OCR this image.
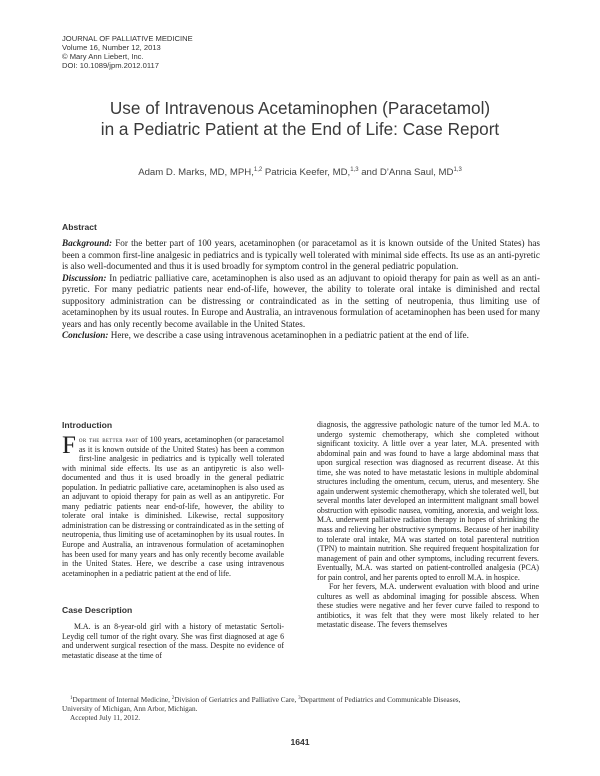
JOURNAL OF PALLIATIVE MEDICINE
Volume 16, Number 12, 2013
© Mary Ann Liebert, Inc.
DOI: 10.1089/jpm.2012.0117
Use of Intravenous Acetaminophen (Paracetamol)
in a Pediatric Patient at the End of Life: Case Report
Adam D. Marks, MD, MPH,$^{1,2}$ Patricia Keefer, MD,$^{1,3}$ and D’Anna Saul, MD$^{1,3}$
Abstract

Background: For the better part of 100 years, acetaminophen (or paracetamol as it is known outside of the United States) has been a common first-line analgesic in pediatrics and is typically well tolerated with minimal side effects. Its use as an anti-pyretic is also well-documented and thus it is used broadly for symptom control in the general pediatric population.

Discussion: In pediatric palliative care, acetaminophen is also used as an adjuvant to opioid therapy for pain as well as an anti-pyretic. For many pediatric patients near end-of-life, however, the ability to tolerate oral intake is diminished and rectal suppository administration can be distressing or contraindicated as in the setting of neutropenia, thus limiting use of acetaminophen by its usual routes. In Europe and Australia, an intravenous formulation of acetaminophen has been used for many years and has only recently become available in the United States.

Conclusion: Here, we describe a case using intravenous acetaminophen in a pediatric patient at the end of life.

Introduction

For the better part of 100 years, acetaminophen (or paracetamol as it is known outside of the United States) has been a common first-line analgesic in pediatrics and is typically well tolerated with minimal side effects. Its use as an antipyretic is also well-documented and thus it is used broadly in the general pediatric population. In pediatric palliative care, acetaminophen is also used as an adjuvant to opioid therapy for pain as well as an antipyretic. For many pediatric patients near end-of-life, however, the ability to tolerate oral intake is diminished. Likewise, rectal suppository administration can be distressing or contraindicated as in the setting of neutropenia, thus limiting use of acetaminophen by its usual routes. In Europe and Australia, an intravenous formulation of acetaminophen has been used for many years and has only recently become available in the United States. Here, we describe a case using intravenous acetaminophen in a pediatric patient at the end of life.

Case Description

M.A. is an 8-year-old girl with a history of metastatic Sertoli-Leydig cell tumor of the right ovary. She was first diagnosed at age 6 and underwent surgical resection of the mass. Despite no evidence of metastatic disease at the time of

diagnosis, the aggressive pathologic nature of the tumor led M.A. to undergo systemic chemotherapy, which she completed without significant toxicity. A little over a year later, M.A. presented with abdominal pain and was found to have a large abdominal mass that upon surgical resection was diagnosed as recurrent disease. At this time, she was noted to have metastatic lesions in multiple abdominal structures including the omentum, cecum, uterus, and mesentery. She again underwent systemic chemotherapy, which she tolerated well, but several months later developed an intermittent malignant small bowel obstruction with episodic nausea, vomiting, anorexia, and weight loss. M.A. underwent palliative radiation therapy in hopes of shrinking the mass and relieving her obstructive symptoms. Because of her inability to tolerate oral intake, MA was started on total parenteral nutrition (TPN) to maintain nutrition. She required frequent hospitalization for management of pain and other symptoms, including recurrent fevers. Eventually, M.A. was started on patient-controlled analgesia (PCA) for pain control, and her parents opted to enroll M.A. in hospice.

For her fevers, M.A. underwent evaluation with blood and urine cultures as well as abdominal imaging for possible abscess. When these studies were negative and her fever curve failed to respond to antibiotics, it was felt that they were most likely related to her metastatic disease. The fevers themselves

$^1$Department of Internal Medicine, $^2$Division of Geriatrics and Palliative Care, $^3$Department of Pediatrics and Communicable Diseases,

University of Michigan, Ann Arbor, Michigan.

Accepted July 11, 2012.

1641
